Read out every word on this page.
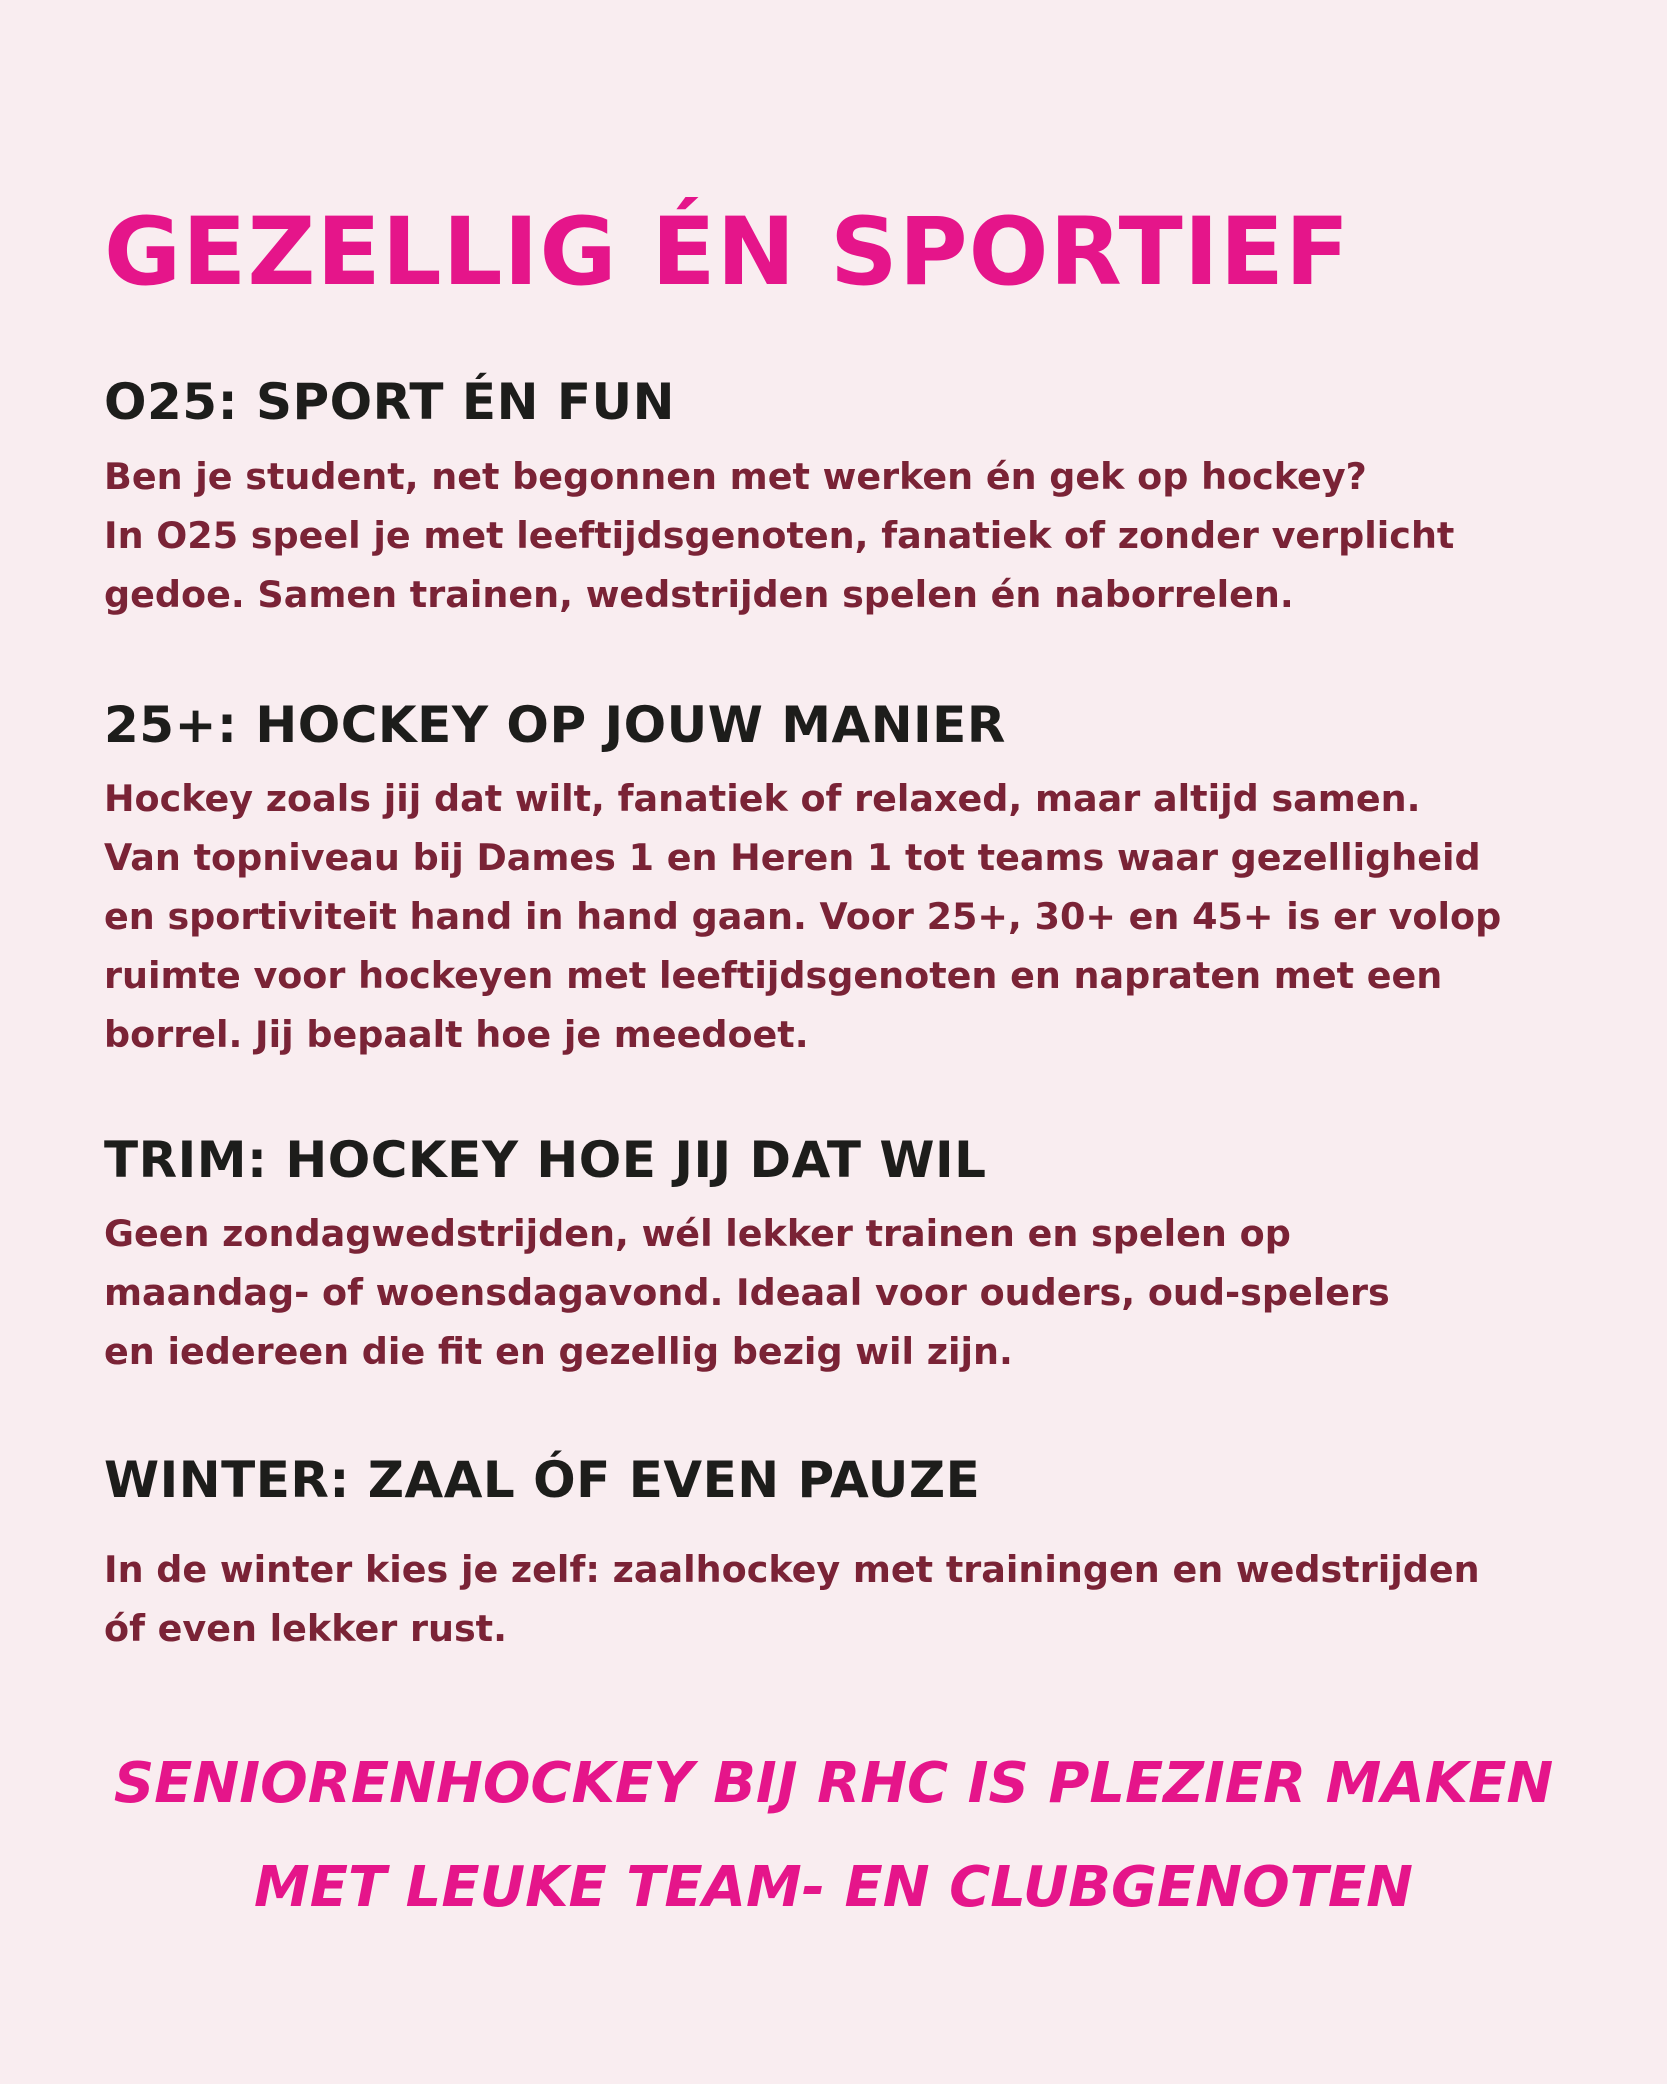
GEZELLIG ÉN SPORTIEF
O25: SPORT ÉN FUN

Ben je student, net begonnen met werken én gek op hockey?
In O25 speel je met leeftijdsgenoten, fanatiek of zonder verplicht
gedoe. Samen trainen, wedstrijden spelen én naborrelen.

25+: HOCKEY OP JOUW MANIER

Hockey zoals jij dat wilt, fanatiek of relaxed, maar altijd samen.
Van topniveau bij Dames 1 en Heren 1 tot teams waar gezelligheid
en sportiviteit hand in hand gaan. Voor 25+, 30+ en 45+ is er volop
ruimte voor hockeyen met leeftijdsgenoten en napraten met een
borrel. Jij bepaalt hoe je meedoet.

TRIM: HOCKEY HOE JIJ DAT WIL

Geen zondagwedstrijden, wél lekker trainen en spelen op
maandag- of woensdagavond. Ideaal voor ouders, oud-spelers
en iedereen die fit en gezellig bezig wil zijn.

WINTER: ZAAL ÓF EVEN PAUZE

In de winter kies je zelf: zaalhockey met trainingen en wedstrijden
óf even lekker rust.

SENIORENHOCKEY BIJ RHC IS PLEZIER MAKEN
MET LEUKE TEAM- EN CLUBGENOTEN
